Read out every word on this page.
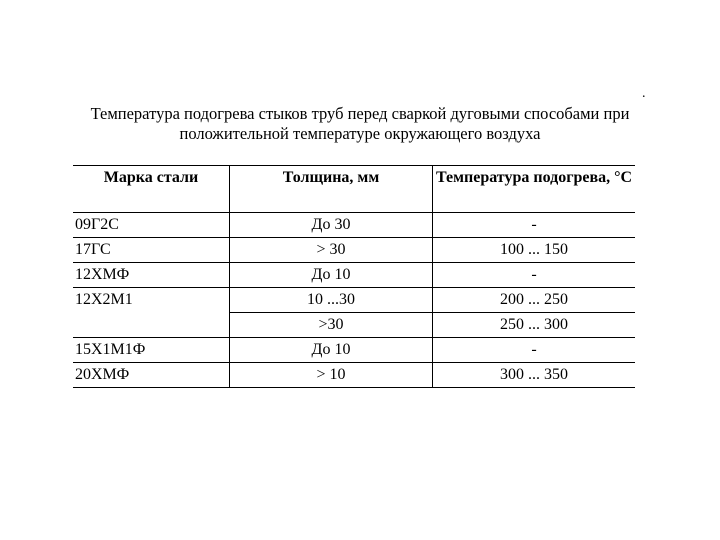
.
Температура подогрева стыков труб перед сваркой дуговыми способами при
положительной температуре окружающего воздуха
Марка стали	Толщина, мм	Температура подогрева, °С
09Г2С	До 30	-
17ГС	> 30	100 ... 150
12ХМФ	До 10	-
12Х2М1	10 ...30	200 ... 250
	>30	250 ... 300
15Х1М1Ф	До 10	-
20ХМФ	> 10	300 ... 350
